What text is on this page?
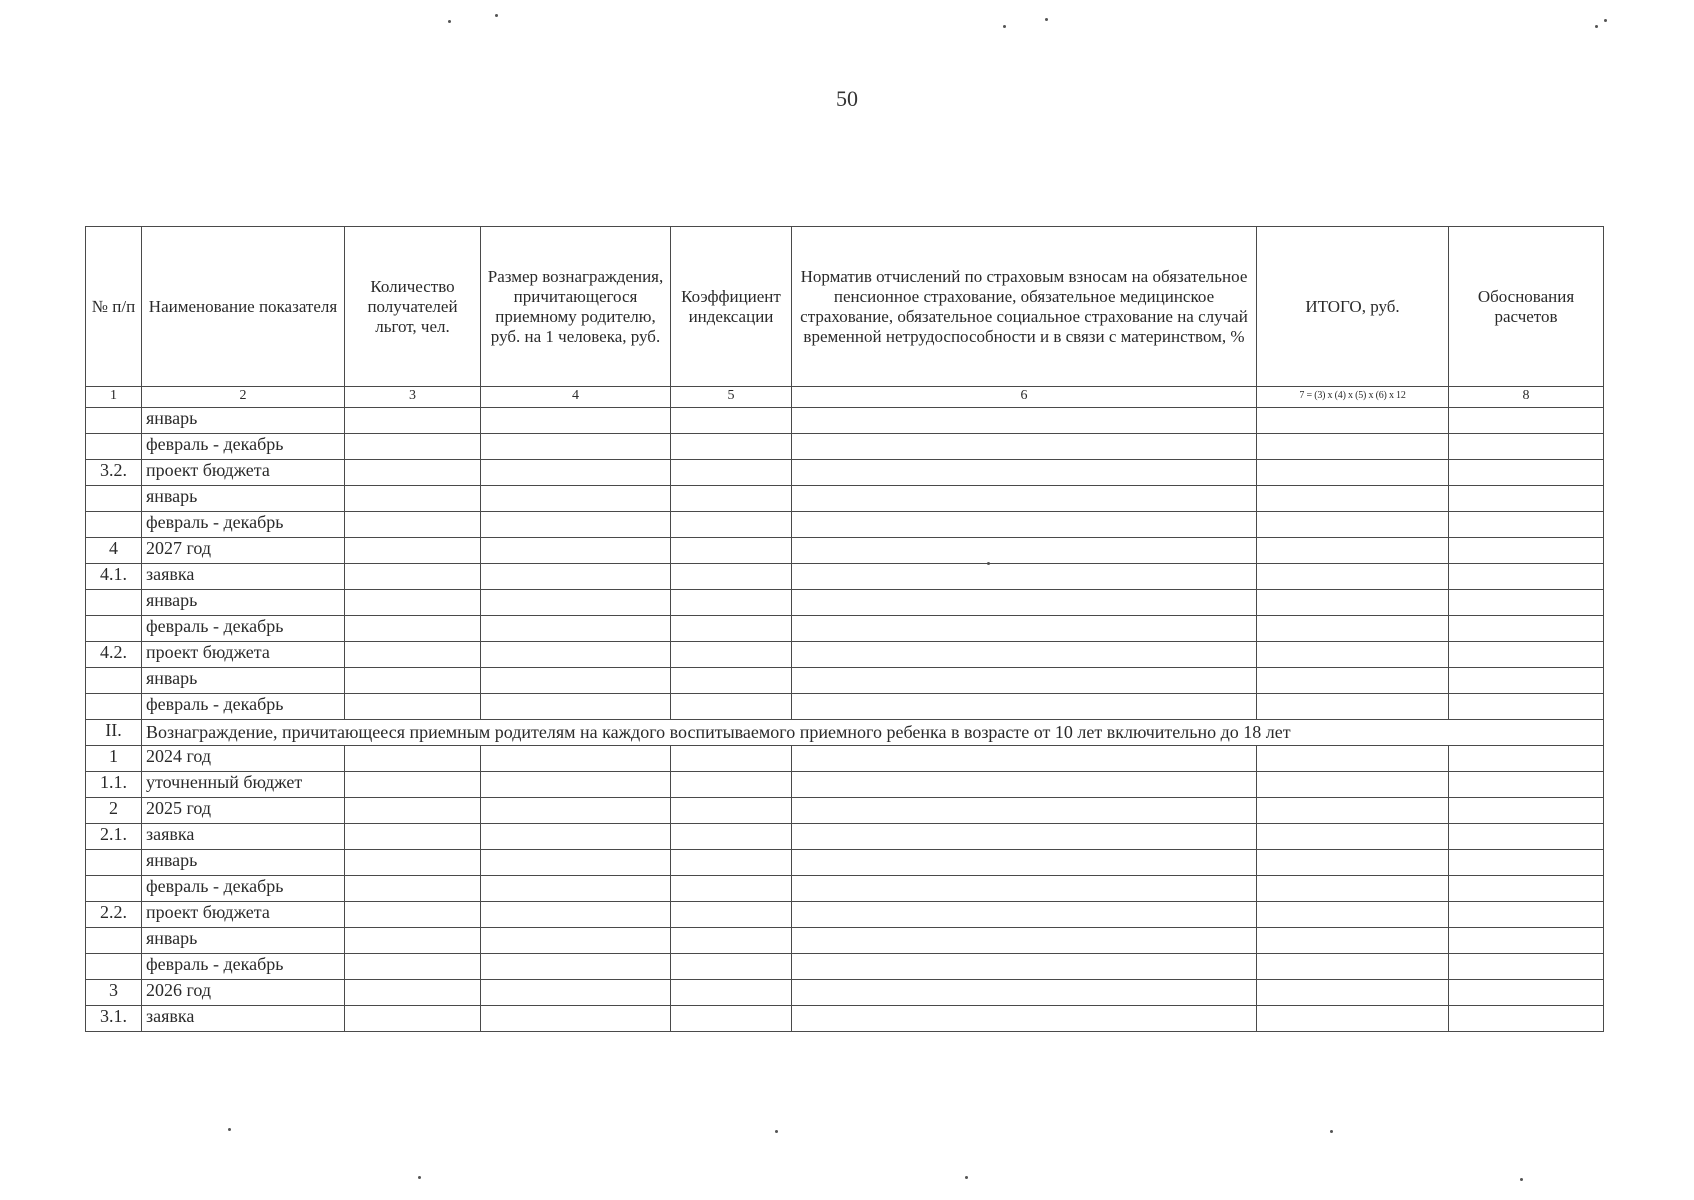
50
№ п/п	Наименование показателя	Количество получателей льгот, чел.	Размер вознаграждения, причитающегося приемному родителю, руб. на 1 человека, руб.	Коэффициент индексации	Норматив отчислений по страховым взносам на обязательное пенсионное страхование, обязательное медицинское страхование, обязательное социальное страхование на случай временной нетрудоспособности и в связи с материнством, %	ИТОГО, руб.	Обоснования расчетов
1	2	3	4	5	6	7 = (3) x (4) x (5) x (6) x 12	8
	январь						
	февраль - декабрь						
3.2.	проект бюджета						
	январь						
	февраль - декабрь						
4	2027 год						
4.1.	заявка						
	январь						
	февраль - декабрь						
4.2.	проект бюджета						
	январь						
	февраль - декабрь						
II.	Вознаграждение, причитающееся приемным родителям на каждого воспитываемого приемного ребенка в возрасте от 10 лет включительно до 18 лет						
1	2024 год						
1.1.	уточненный бюджет						
2	2025 год						
2.1.	заявка						
	январь						
	февраль - декабрь						
2.2.	проект бюджета						
	январь						
	февраль - декабрь						
3	2026 год						
3.1.	заявка						
